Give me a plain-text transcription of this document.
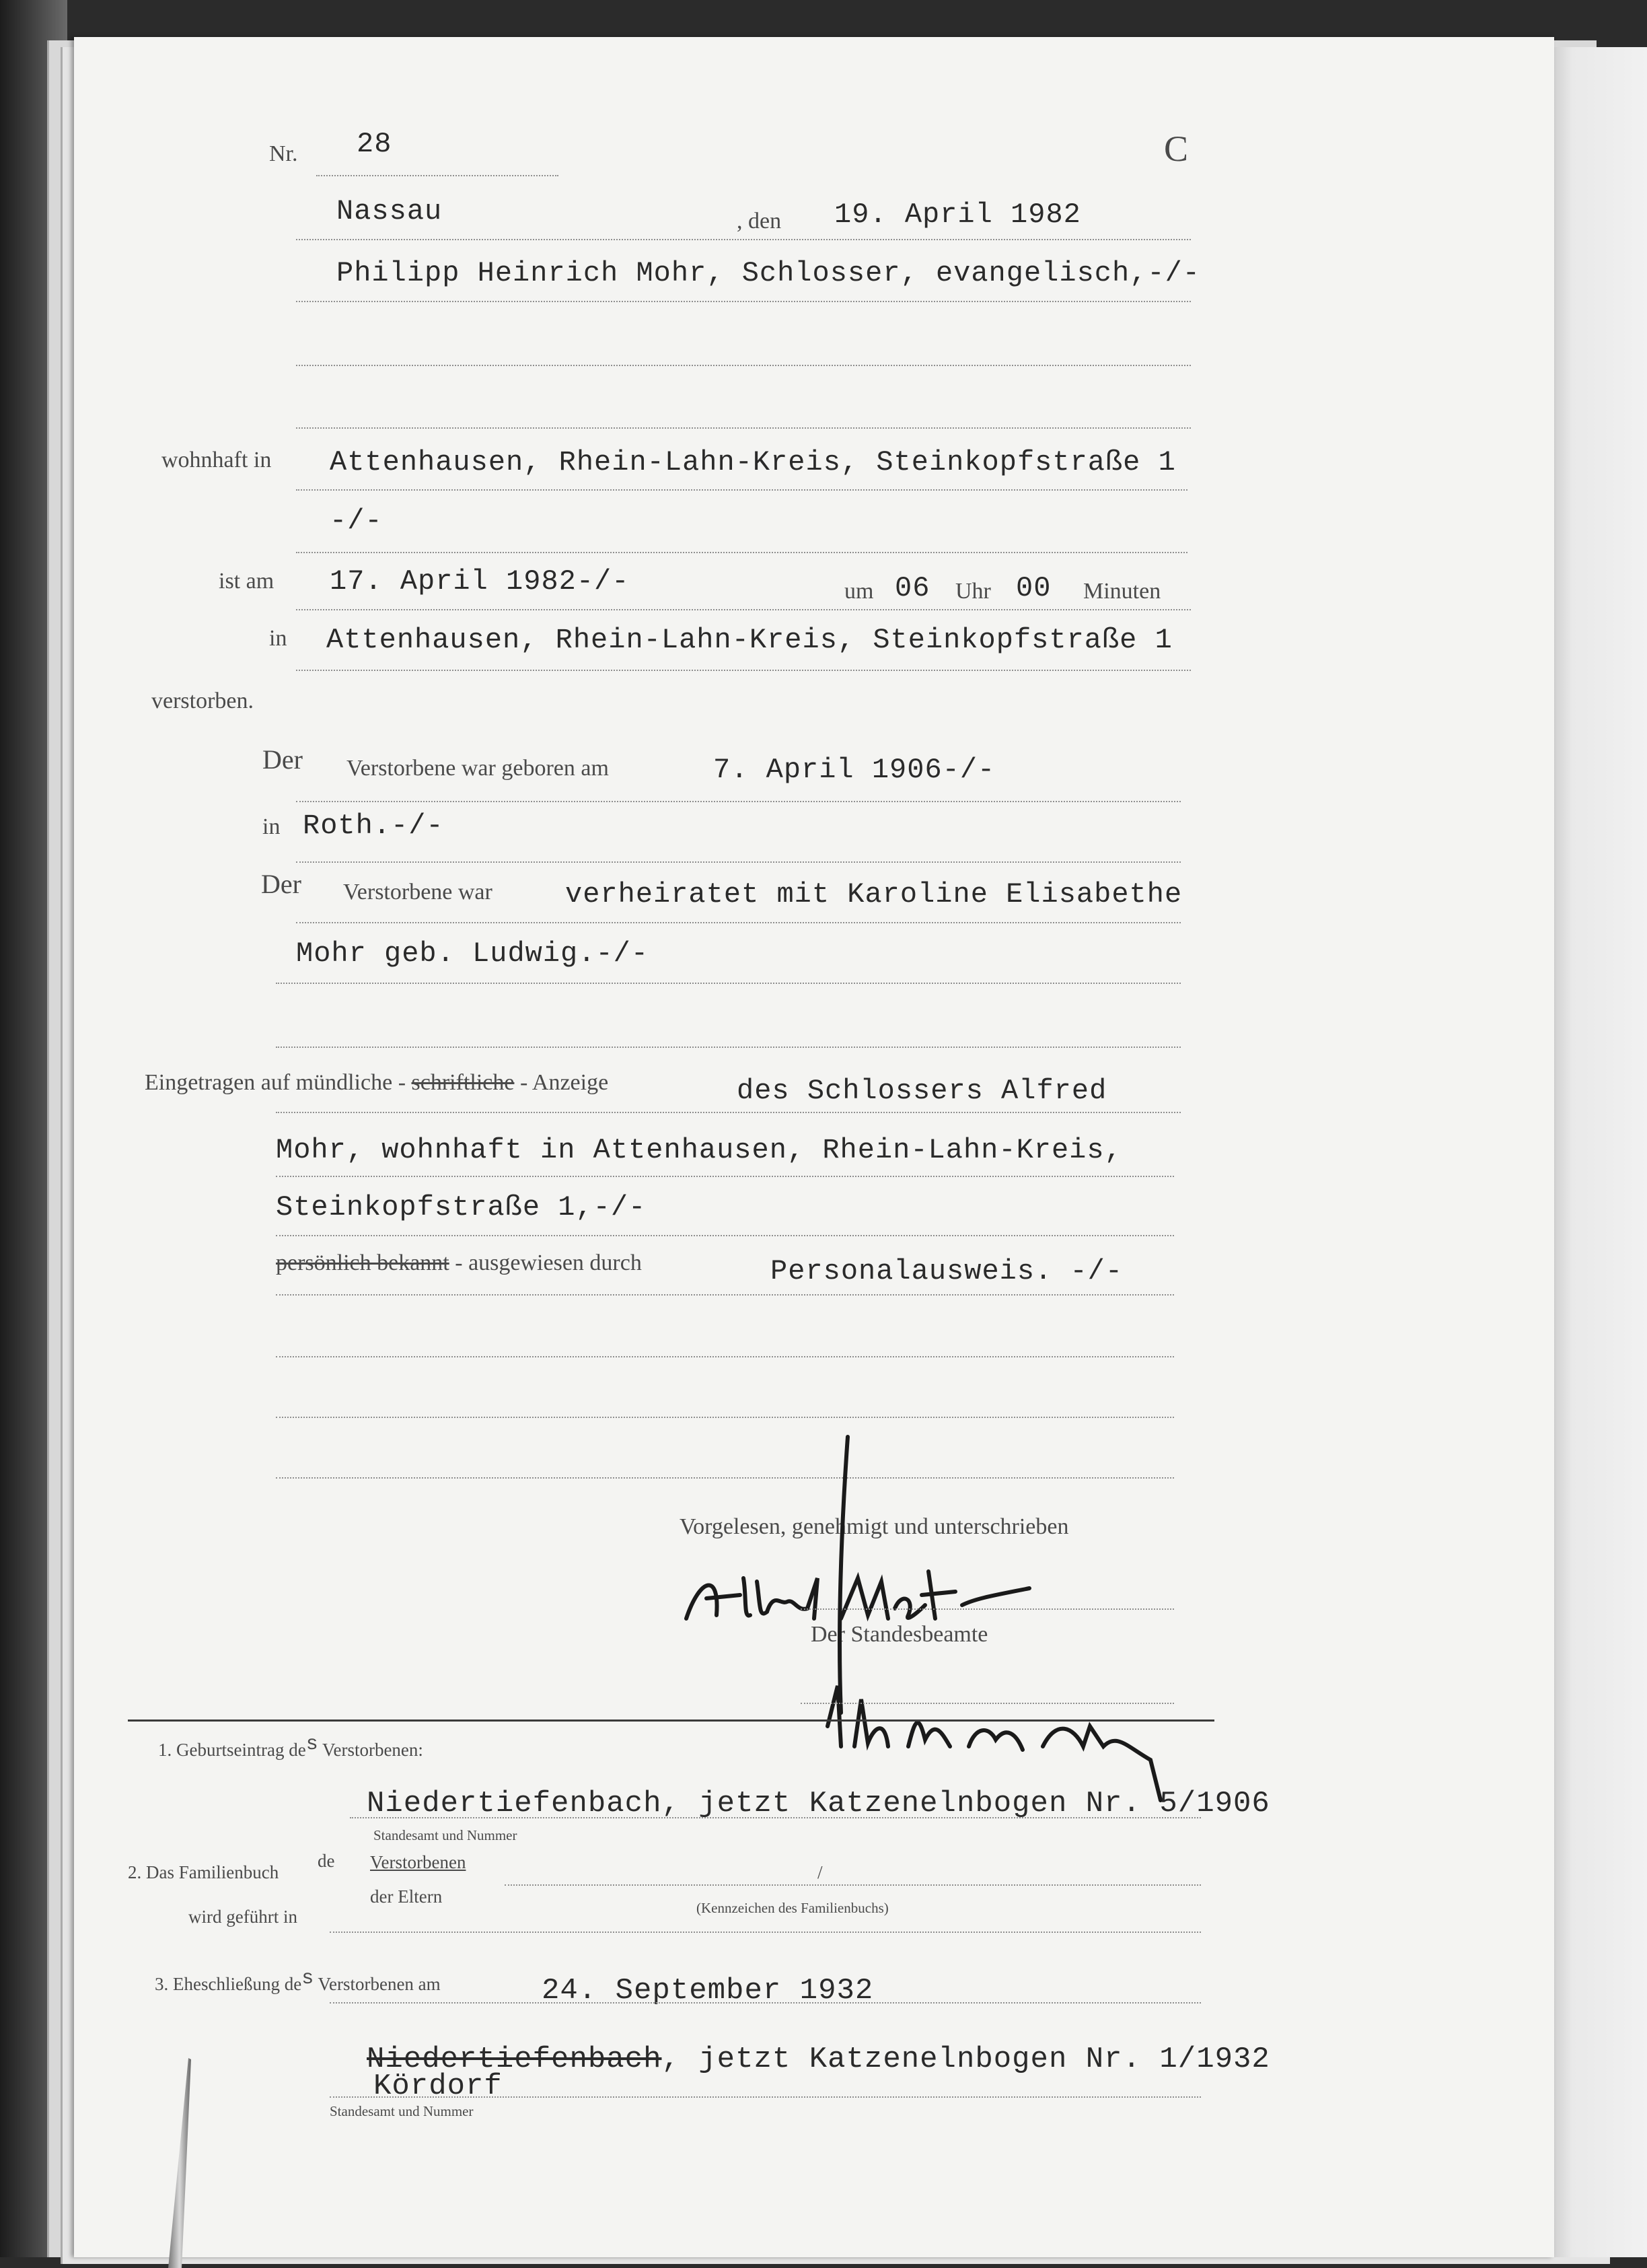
Nr. 28	C
Nassau	, den 19. April 1982
Philipp Heinrich Mohr, Schlosser, evangelisch,-/-
wohnhaft in Attenhausen, Rhein-Lahn-Kreis, Steinkopfstraße 1
-/-
ist am 17. April 1982-/-	um 06 Uhr 00 Minuten
in Attenhausen, Rhein-Lahn-Kreis, Steinkopfstraße 1
verstorben.
Der Verstorbene war geboren am	7. April 1906-/-
in Roth.-/-
Der Verstorbene war	verheiratet mit Karoline Elisabethe
Mohr geb. Ludwig.-/-
Eingetragen auf mündliche - schriftliche - Anzeige	des Schlossers Alfred
Mohr, wohnhaft in Attenhausen, Rhein-Lahn-Kreis,
Steinkopfstraße 1,-/-
persönlich bekannt - ausgewiesen durch	Personalausweis. -/-
Vorgelesen, genehmigt und unterschrieben
Der Standesbeamte
1. Geburtseintrag $de^s$ Verstorbenen:
Niedertiefenbach, jetzt Katzenelnbogen Nr. 5/1906
Standesamt und Nummer
2. Das Familienbuch
de Verstorbenen
der Eltern
/
wird geführt in	(Kennzeichen des Familienbuchs)
3. Eheschließung $de^s$ Verstorbenen am	24. September 1932
Niedertiefenbach, jetzt Katzenelnbogen Nr. 1/1932
Kördorf
Standesamt und Nummer
